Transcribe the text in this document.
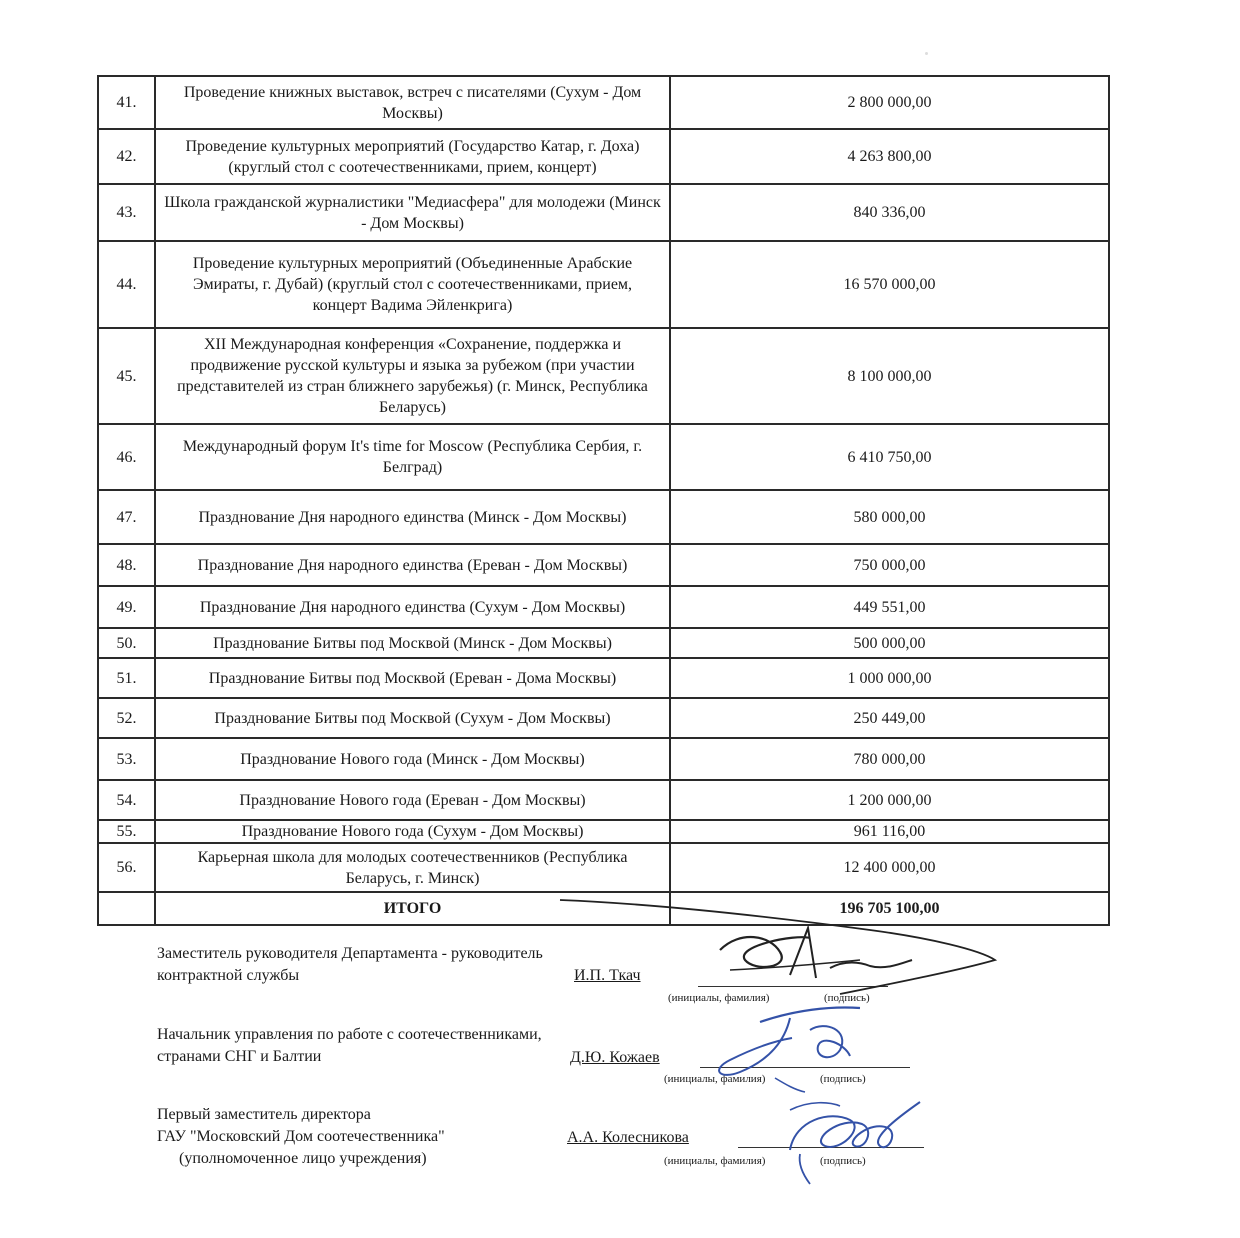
41.	Проведение книжных выставок, встреч с писателями (Сухум - Дом Москвы)	2 800 000,00
42.	Проведение культурных мероприятий (Государство Катар, г. Доха) (круглый стол с соотечественниками, прием, концерт)	4 263 800,00
43.	Школа гражданской журналистики "Медиасфера" для молодежи (Минск - Дом Москвы)	840 336,00
44.	Проведение культурных мероприятий (Объединенные Арабские Эмираты, г. Дубай) (круглый стол с соотечественниками, прием, концерт Вадима Эйленкрига)	16 570 000,00
45.	XII Международная конференция «Сохранение, поддержка и продвижение русской культуры и языка за рубежом (при участии представителей из стран ближнего зарубежья) (г. Минск, Республика Беларусь)	8 100 000,00
46.	Международный форум It's time for Moscow (Республика Сербия, г. Белград)	6 410 750,00
47.	Празднование Дня народного единства (Минск - Дом Москвы)	580 000,00
48.	Празднование Дня народного единства (Ереван - Дом Москвы)	750 000,00
49.	Празднование Дня народного единства (Сухум - Дом Москвы)	449 551,00
50.	Празднование Битвы под Москвой (Минск - Дом Москвы)	500 000,00
51.	Празднование Битвы под Москвой (Ереван - Дома Москвы)	1 000 000,00
52.	Празднование Битвы под Москвой (Сухум - Дом Москвы)	250 449,00
53.	Празднование Нового года (Минск - Дом Москвы)	780 000,00
54.	Празднование Нового года (Ереван - Дом Москвы)	1 200 000,00
55.	Празднование Нового года (Сухум - Дом Москвы)	961 116,00
56.	Карьерная школа для молодых соотечественников (Республика Беларусь, г. Минск)	12 400 000,00
	ИТОГО	196 705 100,00
Заместитель руководителя Департамента - руководитель
контрактной службы	И.П. Ткач
(инициалы, фамилия)	(подпись)
Начальник управления по работе с соотечественниками,
странами СНГ и Балтии	Д.Ю. Кожаев
(инициалы, фамилия)	(подпись)
Первый заместитель директора
ГАУ "Московский Дом соотечественника"
(уполномоченное лицо учреждения)
А.А. Колесникова
(инициалы, фамилия)	(подпись)
